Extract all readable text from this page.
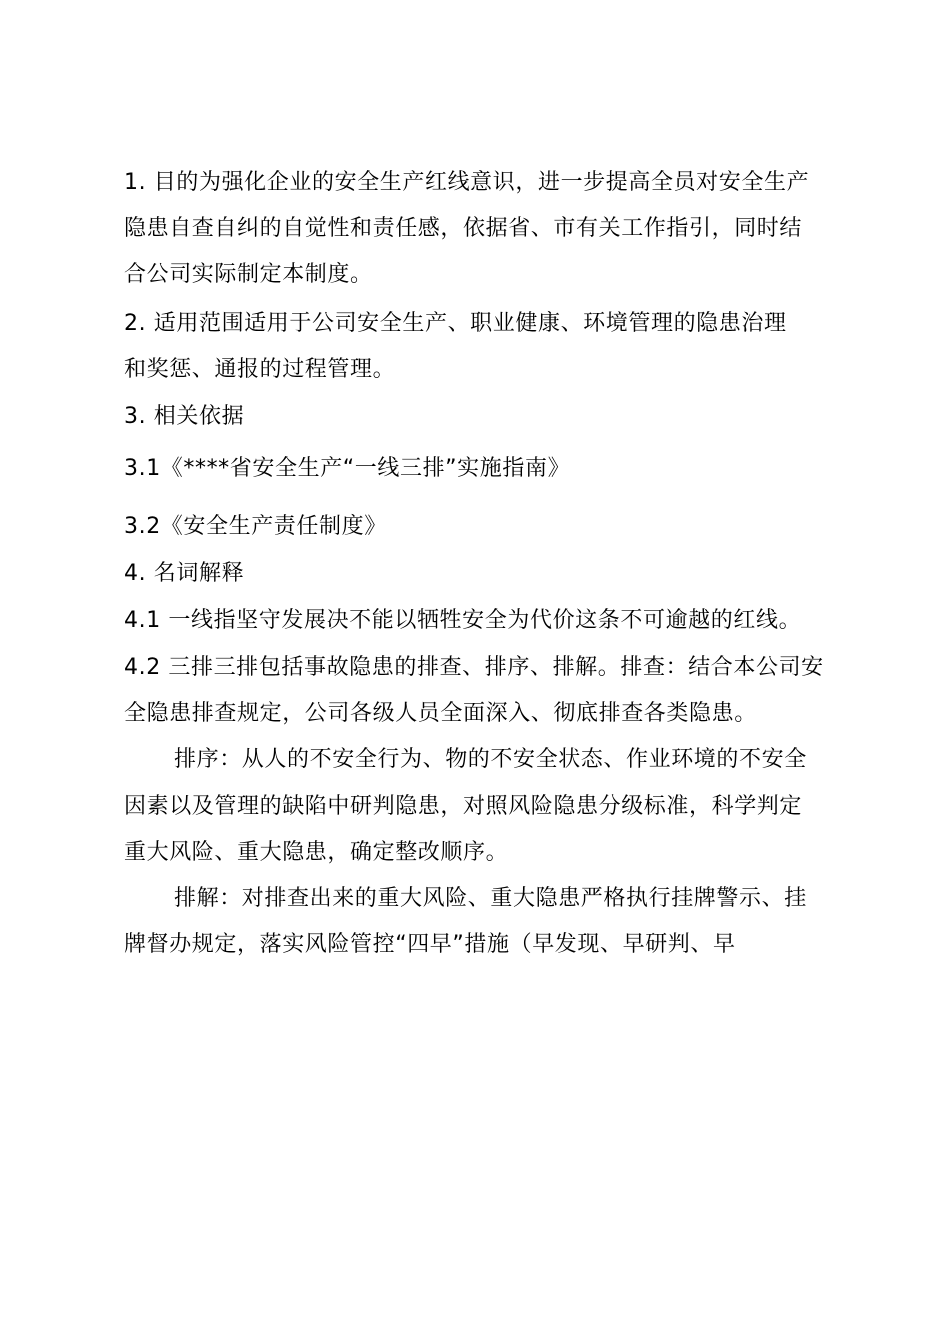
1. 目的为强化企业的安全生产红线意识，进一步提高全员对安全生产
隐患自查自纠的自觉性和责任感，依据省、市有关工作指引，同时结
合公司实际制定本制度。
2. 适用范围适用于公司安全生产、职业健康、环境管理的隐患治理
和奖惩、通报的过程管理。
3. 相关依据
3.1《****省安全生产“一线三排”实施指南》
3.2《安全生产责任制度》
4. 名词解释
4.1 一线指坚守发展决不能以牺牲安全为代价这条不可逾越的红线。
4.2 三排三排包括事故隐患的排查、排序、排解。排查：结合本公司安
全隐患排查规定，公司各级人员全面深入、彻底排查各类隐患。
排序：从人的不安全行为、物的不安全状态、作业环境的不安全
因素以及管理的缺陷中研判隐患，对照风险隐患分级标准，科学判定
重大风险、重大隐患，确定整改顺序。
排解：对排查出来的重大风险、重大隐患严格执行挂牌警示、挂
牌督办规定，落实风险管控“四早”措施（早发现、早研判、早
